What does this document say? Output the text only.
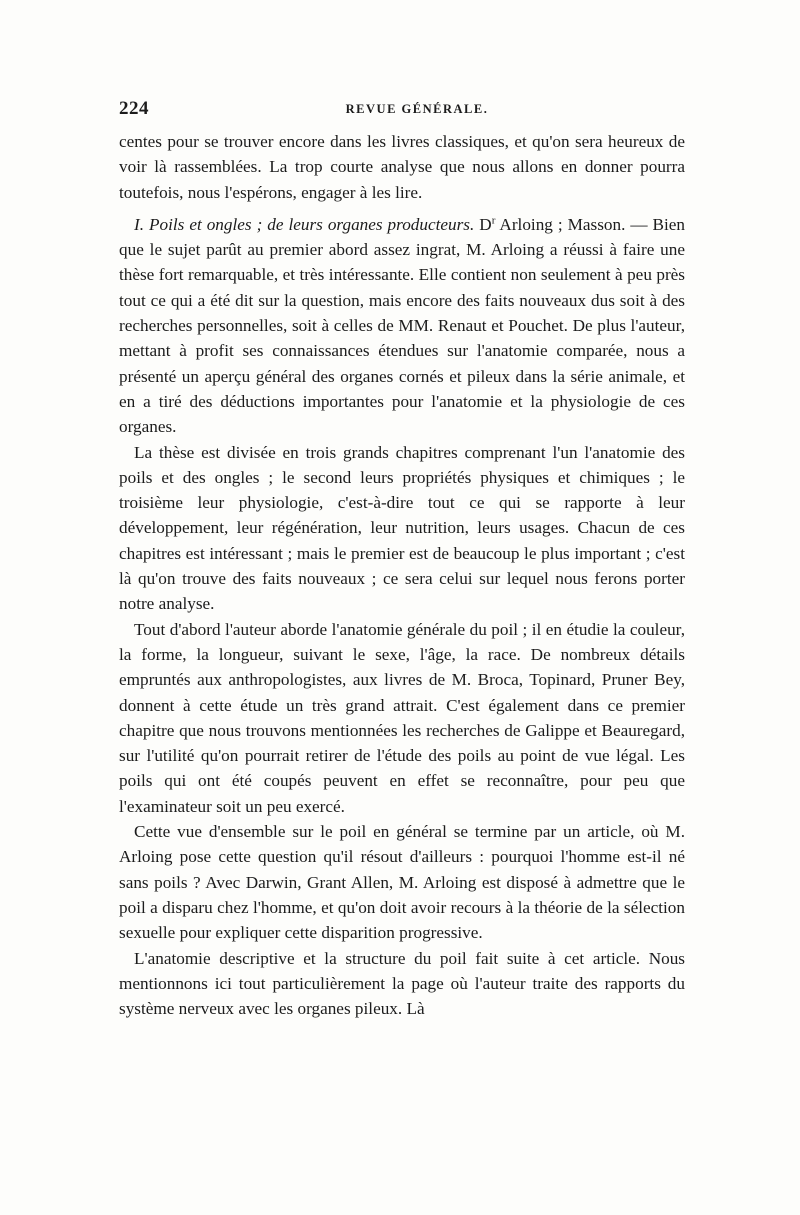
224	REVUE GÉNÉRALE.

centes pour se trouver encore dans les livres classiques, et qu'on sera heureux de voir là rassemblées. La trop courte analyse que nous allons en donner pourra toutefois, nous l'espérons, engager à les lire.

I. Poils et ongles ; de leurs organes producteurs. $D^r$ Arloing ; Masson. — Bien que le sujet parût au premier abord assez ingrat, M. Arloing a réussi à faire une thèse fort remarquable, et très intéressante. Elle contient non seulement à peu près tout ce qui a été dit sur la question, mais encore des faits nouveaux dus soit à des recherches personnelles, soit à celles de MM. Renaut et Pouchet. De plus l'auteur, mettant à profit ses connaissances étendues sur l'anatomie comparée, nous a présenté un aperçu général des organes cornés et pileux dans la série animale, et en a tiré des déductions importantes pour l'anatomie et la physiologie de ces organes.

La thèse est divisée en trois grands chapitres comprenant l'un l'anatomie des poils et des ongles ; le second leurs propriétés physiques et chimiques ; le troisième leur physiologie, c'est-à-dire tout ce qui se rapporte à leur développement, leur régénération, leur nutrition, leurs usages. Chacun de ces chapitres est intéressant ; mais le premier est de beaucoup le plus important ; c'est là qu'on trouve des faits nouveaux ; ce sera celui sur lequel nous ferons porter notre analyse.

Tout d'abord l'auteur aborde l'anatomie générale du poil ; il en étudie la couleur, la forme, la longueur, suivant le sexe, l'âge, la race. De nombreux détails empruntés aux anthropologistes, aux livres de M. Broca, Topinard, Pruner Bey, donnent à cette étude un très grand attrait. C'est également dans ce premier chapitre que nous trouvons mentionnées les recherches de Galippe et Beauregard, sur l'utilité qu'on pourrait retirer de l'étude des poils au point de vue légal. Les poils qui ont été coupés peuvent en effet se reconnaître, pour peu que l'examinateur soit un peu exercé.

Cette vue d'ensemble sur le poil en général se termine par un article, où M. Arloing pose cette question qu'il résout d'ailleurs : pourquoi l'homme est-il né sans poils ? Avec Darwin, Grant Allen, M. Arloing est disposé à admettre que le poil a disparu chez l'homme, et qu'on doit avoir recours à la théorie de la sélection sexuelle pour expliquer cette disparition progressive.

L'anatomie descriptive et la structure du poil fait suite à cet article. Nous mentionnons ici tout particulièrement la page où l'auteur traite des rapports du système nerveux avec les organes pileux. Là
